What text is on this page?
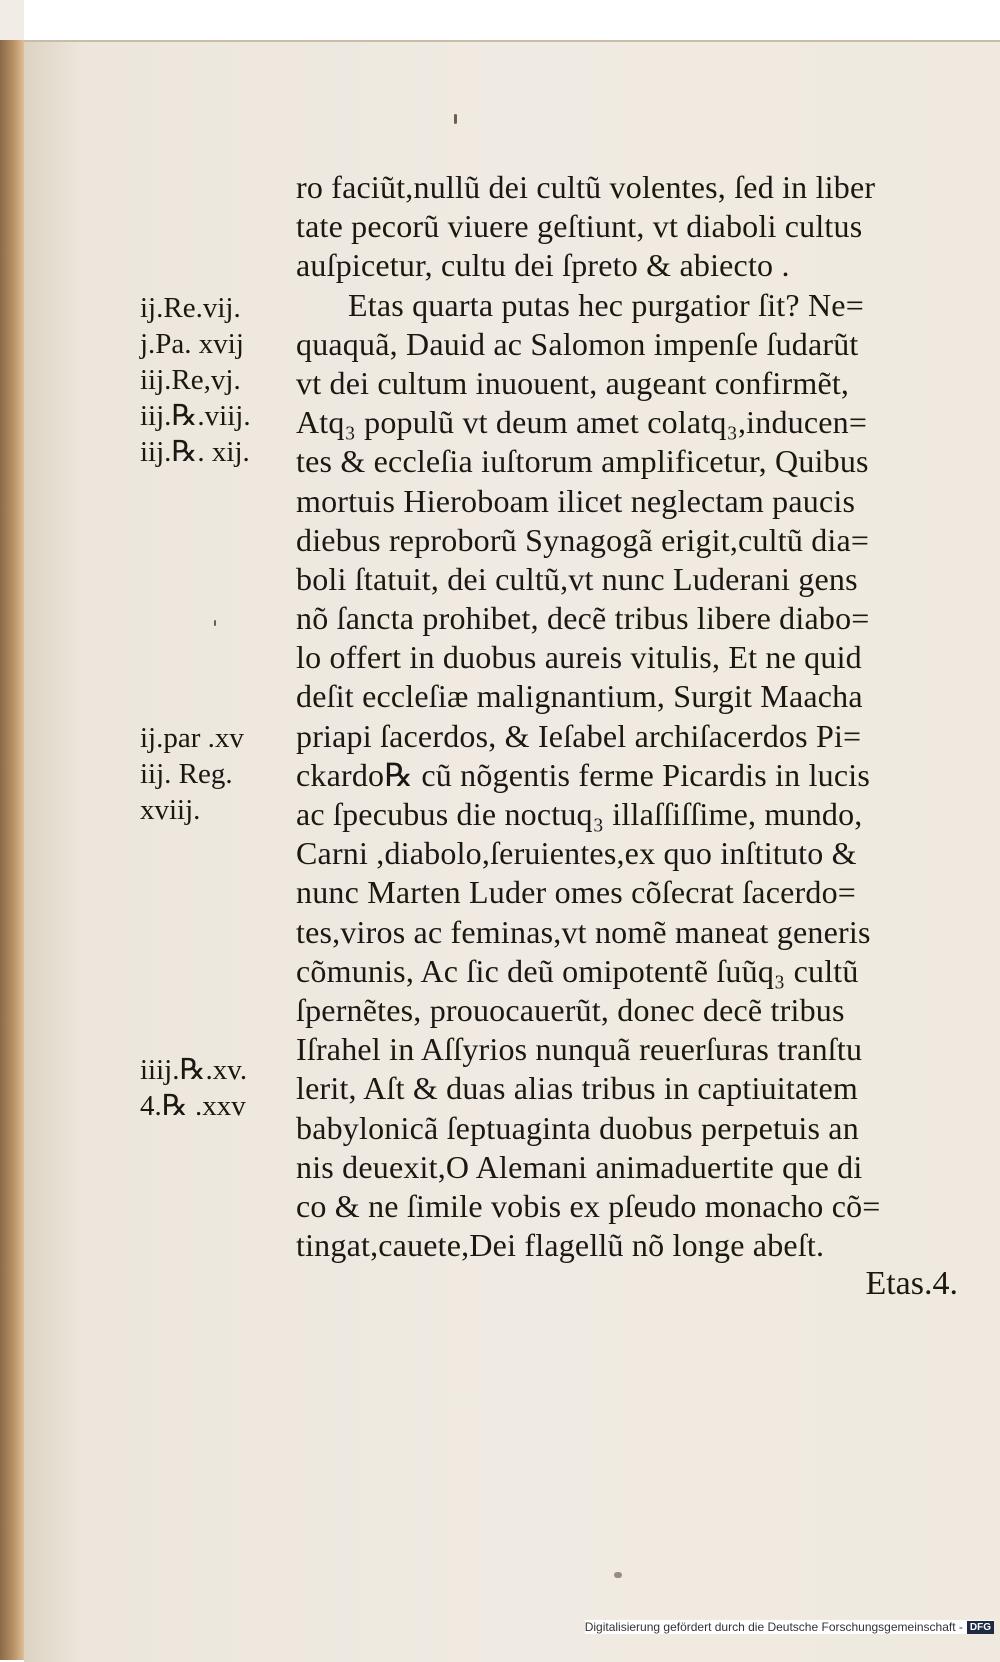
ro faciũt,nullũ dei cultũ volentes, ſed in liber
tate pecorũ viuere geſtiunt, vt diaboli cultus
auſpicetur, cultu dei ſpreto & abiecto .
Etas quarta putas hec purgatior ſit? Ne=
quaquã, Dauid ac Salomon impenſe ſudarũt
vt dei cultum inuouent, augeant confirmẽt,
Atq₃ populũ vt deum amet colatq₃,inducen=
tes & eccleſia iuſtorum amplificetur, Quibus
mortuis Hieroboam ilicet neglectam paucis
diebus reproborũ Synagogã erigit,cultũ dia=
boli ſtatuit, dei cultũ,vt nunc Luderani gens
nõ ſancta prohibet, decẽ tribus libere diabo=
lo offert in duobus aureis vitulis, Et ne quid
deſit eccleſiæ malignantium, Surgit Maacha
priapi ſacerdos, & Ieſabel archiſacerdos Pi=
ckardo℞ cũ nõgentis ferme Picardis in lucis
ac ſpecubus die noctuq₃ illaſſiſſime, mundo,
Carni ,diabolo,ſeruientes,ex quo inſtituto &
nunc Marten Luder omes cõſecrat ſacerdo=
tes,viros ac feminas,vt nomẽ maneat generis
cõmunis, Ac ſic deũ omipotentẽ ſuũq₃ cultũ
ſpernẽtes, prouocauerũt, donec decẽ tribus
Iſrahel in Aſſyrios nunquã reuerſuras tranſtu
lerit, Aſt & duas alias tribus in captiuitatem
babylonicã ſeptuaginta duobus perpetuis an
nis deuexit,O Alemani animaduertite que di
co & ne ſimile vobis ex pſeudo monacho cõ=
tingat,cauete,Dei flagellũ nõ longe abeſt.
ij.Re.vij.
j.Pa. xvij
iij.Re,vj.
iij.℞.viij.
iij.℞. xij.
ij.par .xv
iij. Reg.
xviij.
iiij.℞.xv.
4.℞ .xxv
Etas.4.
Digitalisierung gefördert durch die Deutsche Forschungsgemeinschaft - DFG
